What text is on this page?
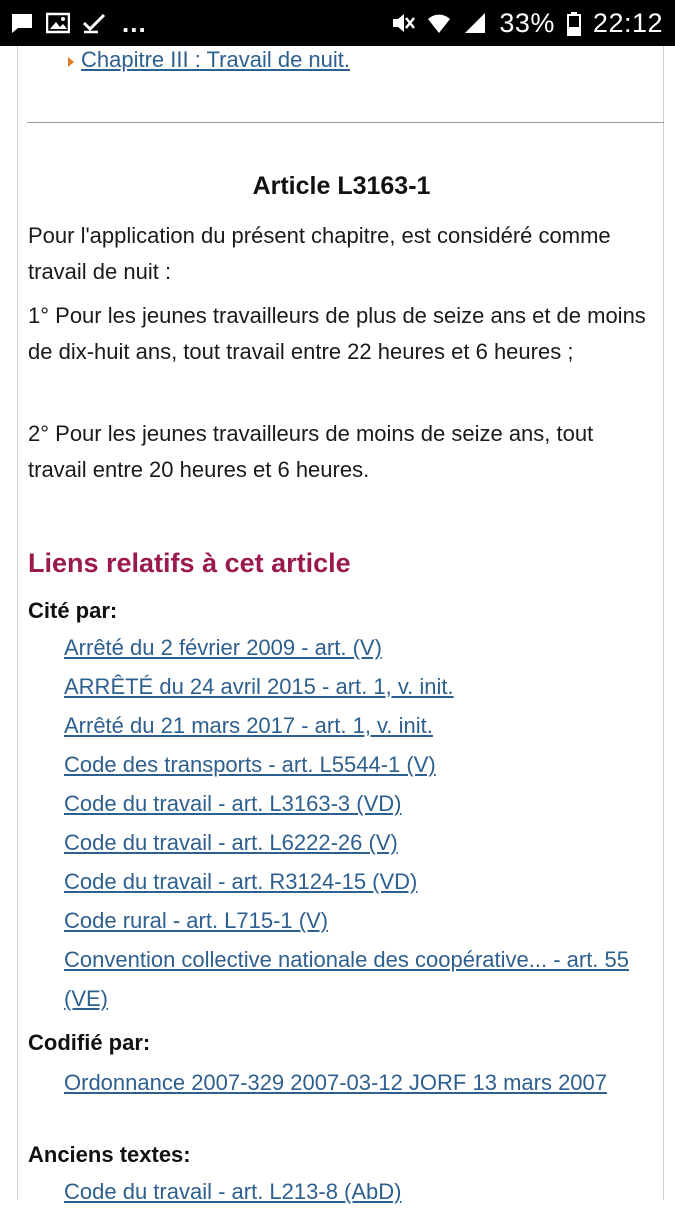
...	33% 22:12
Chapitre III : Travail de nuit.
Article L3163-1

Pour l'application du présent chapitre, est considéré comme travail de nuit :

1° Pour les jeunes travailleurs de plus de seize ans et de moins de dix-huit ans, tout travail entre 22 heures et 6 heures ;

2° Pour les jeunes travailleurs de moins de seize ans, tout travail entre 20 heures et 6 heures.

Liens relatifs à cet article
Cité par:
Arrêté du 2 février 2009 - art. (V)
ARRÊTÉ du 24 avril 2015 - art. 1, v. init.
Arrêté du 21 mars 2017 - art. 1, v. init.
Code des transports - art. L5544-1 (V)
Code du travail - art. L3163-3 (VD)
Code du travail - art. L6222-26 (V)
Code du travail - art. R3124-15 (VD)
Code rural - art. L715-1 (V)
Convention collective nationale des coopérative... - art. 55 (VE)
Codifié par:
Ordonnance 2007-329 2007-03-12 JORF 13 mars 2007
Anciens textes:
Code du travail - art. L213-8 (AbD)
